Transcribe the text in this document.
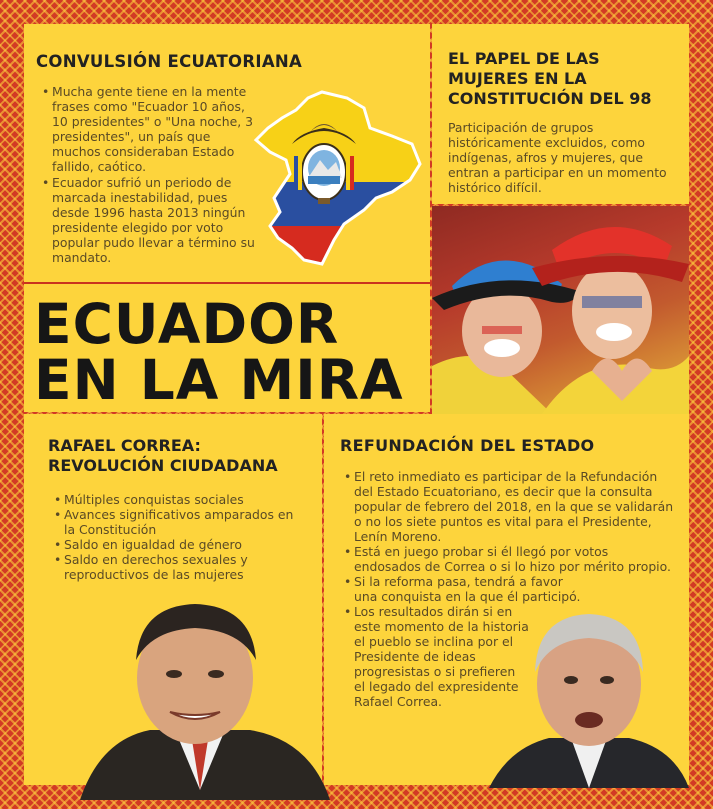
CONVULSIÓN ECUATORIANA
• Mucha gente tiene en la mente frases como "Ecuador 10 años, 10 presidentes" o "Una noche, 3 presidentes", un país que muchos consideraban Estado fallido, caótico.
• Ecuador sufrió un periodo de marcada inestabilidad, pues desde 1996 hasta 2013 ningún presidente elegido por voto popular pudo llevar a término su mandato.
EL PAPEL DE LAS
MUJERES EN LA
CONSTITUCIÓN DEL 98

Participación de grupos históricamente excluidos, como indígenas, afros y mujeres, que entran a participar en un momento histórico difícil.

ECUADOR
EN LA MIRA
RAFAEL CORREA:
REVOLUCIÓN CIUDADANA
• Múltiples conquistas sociales
• Avances significativos amparados en la Constitución
• Saldo en igualdad de género
• Saldo en derechos sexuales y reproductivos de las mujeres
REFUNDACIÓN DEL ESTADO
• El reto inmediato es participar de la Refundación del Estado Ecuatoriano, es decir que la consulta popular de febrero del 2018, en la que se validarán o no los siete puntos es vital para el Presidente, Lenín Moreno.
• Está en juego probar si él llegó por votos endosados de Correa o si lo hizo por mérito propio.
• Si la reforma pasa, tendrá a favor una conquista en la que él participó.
• Los resultados dirán si en este momento de la historia el pueblo se inclina por el Presidente de ideas progresistas o si prefieren el legado del expresidente Rafael Correa.
